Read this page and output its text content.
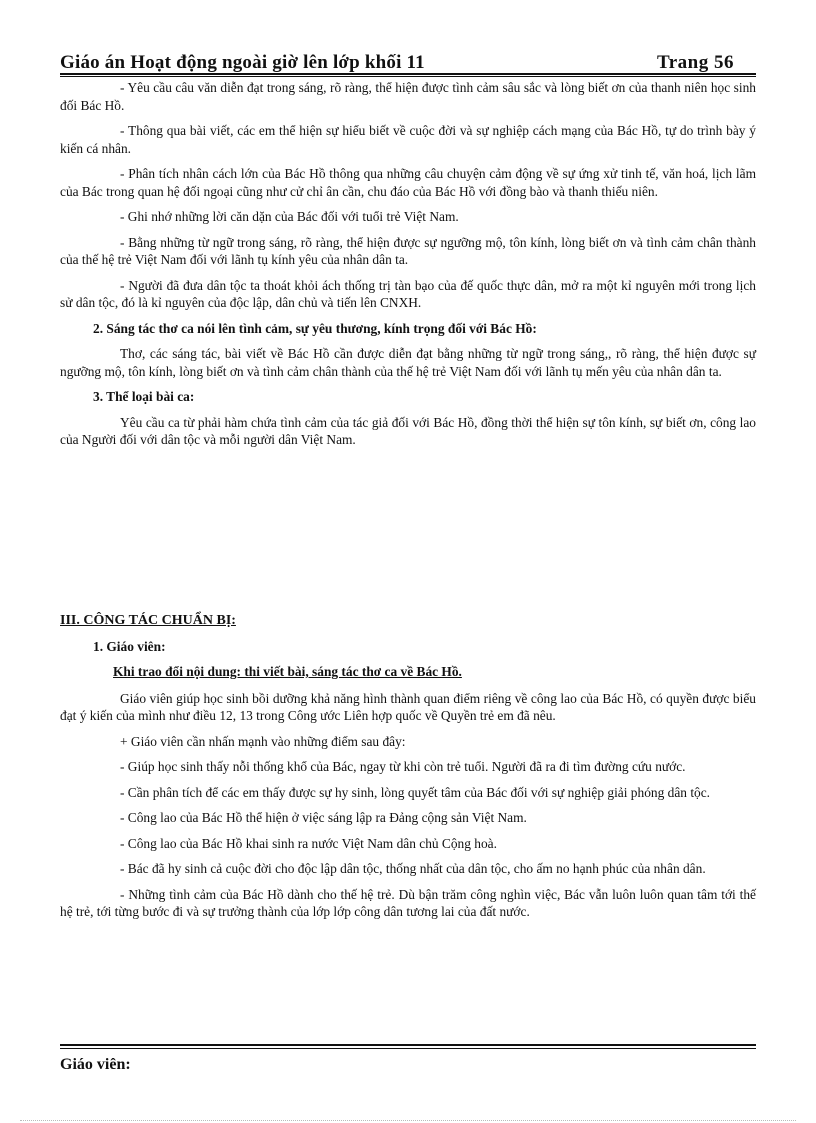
Giáo án Hoạt động ngoài giờ lên lớp khối 11	Trang 56

- Yêu cầu câu văn diễn đạt trong sáng, rõ ràng, thể hiện được tình cảm sâu sắc và lòng biết ơn của thanh niên học sinh đối Bác Hồ.

- Thông qua bài viết, các em thể hiện sự hiểu biết về cuộc đời và sự nghiệp cách mạng của Bác Hồ, tự do trình bày ý kiến cá nhân.

- Phân tích nhân cách lớn của Bác Hồ thông qua những câu chuyện cảm động về sự ứng xử tinh tế, văn hoá, lịch lãm của Bác trong quan hệ đối ngoại cũng như cử chỉ ân cần, chu đáo của Bác Hồ với đồng bào và thanh thiếu niên.

- Ghi nhớ những lời căn dặn của Bác đối với tuổi trẻ Việt Nam.

- Bằng những từ ngữ trong sáng, rõ ràng, thể hiện được sự ngưỡng mộ, tôn kính, lòng biết ơn và tình cảm chân thành của thế hệ trẻ Việt Nam đối với lãnh tụ kính yêu của nhân dân ta.

- Người đã đưa dân tộc ta thoát khỏi ách thống trị tàn bạo của đế quốc thực dân, mở ra một kỉ nguyên mới trong lịch sử dân tộc, đó là kỉ nguyên của độc lập, dân chủ và tiến lên CNXH.

2. Sáng tác thơ ca nói lên tình cảm, sự yêu thương, kính trọng đối với Bác Hồ:

Thơ, các sáng tác, bài viết về Bác Hồ cần được diễn đạt bằng những từ ngữ trong sáng,, rõ ràng, thể hiện được sự ngưỡng mộ, tôn kính, lòng biết ơn và tình cảm chân thành của thế hệ trẻ Việt Nam đối với lãnh tụ mến yêu của nhân dân ta.

3. Thể loại bài ca:

Yêu cầu ca từ phải hàm chứa tình cảm của tác giả đối với Bác Hồ, đồng thời thể hiện sự tôn kính, sự biết ơn, công lao của Người đối với dân tộc và mỗi người dân Việt Nam.

III. CÔNG TÁC CHUẨN BỊ:
1. Giáo viên:
Khi trao đổi nội dung: thi viết bài, sáng tác thơ ca về Bác Hồ.

Giáo viên giúp học sinh bồi dưỡng khả năng hình thành quan điểm riêng về công lao của Bác Hồ, có quyền được biểu đạt ý kiến của mình như điều 12, 13 trong Công ước Liên hợp quốc về Quyền trẻ em đã nêu.

+ Giáo viên cần nhấn mạnh vào những điểm sau đây:

- Giúp học sinh thấy nỗi thống khổ của Bác, ngay từ khi còn trẻ tuổi. Người đã ra đi tìm đường cứu nước.

- Cần phân tích để các em thấy được sự hy sinh, lòng quyết tâm của Bác đối với sự nghiệp giải phóng dân tộc.

- Công lao của Bác Hồ thể hiện ở việc sáng lập ra Đảng cộng sản Việt Nam.

- Công lao của Bác Hồ khai sinh ra nước Việt Nam dân chủ Cộng hoà.

- Bác đã hy sinh cả cuộc đời cho độc lập dân tộc, thống nhất của dân tộc, cho ấm no hạnh phúc của nhân dân.

- Những tình cảm của Bác Hồ dành cho thế hệ trẻ. Dù bận trăm công nghìn việc, Bác vẫn luôn luôn quan tâm tới thế hệ trẻ, tới từng bước đi và sự trưởng thành của lớp lớp công dân tương lai của đất nước.

Giáo viên:
